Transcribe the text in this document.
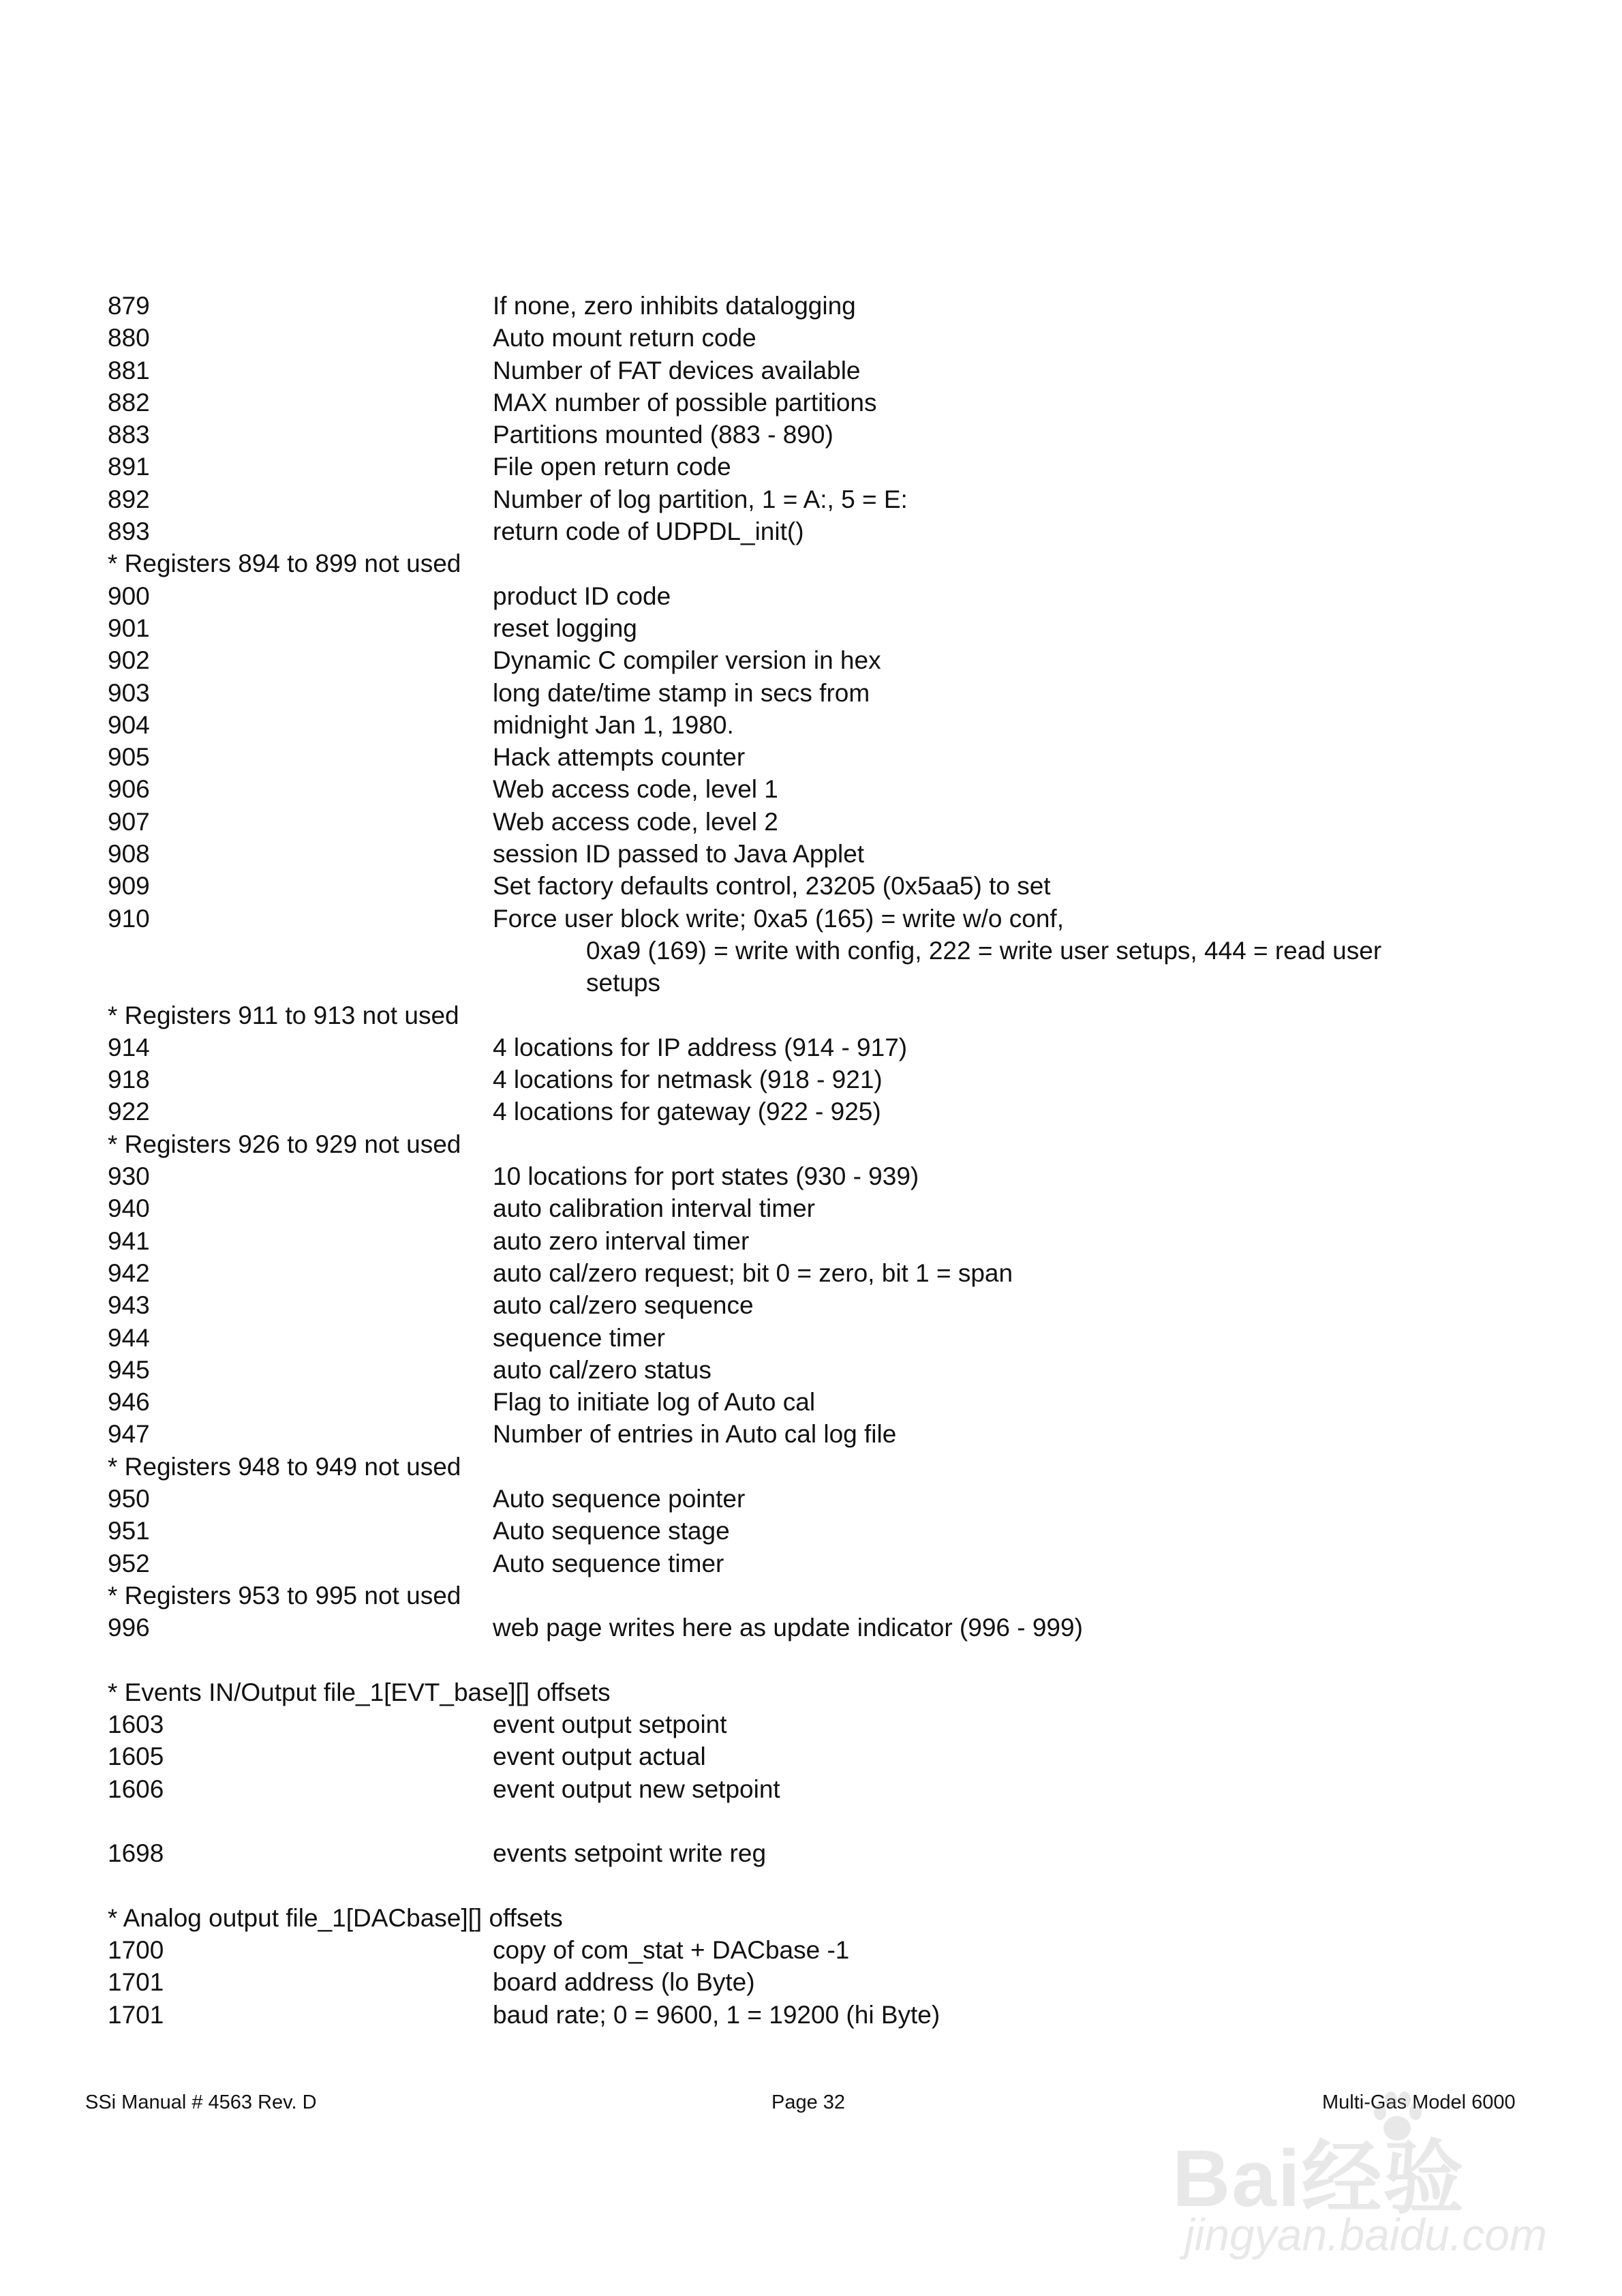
879	If none, zero inhibits datalogging
880	Auto mount return code
881	Number of FAT devices available
882	MAX number of possible partitions
883	Partitions mounted (883 - 890)
891	File open return code
892	Number of log partition, 1 = A:, 5 = E:
893	return code of UDPDL_init()
* Registers 894 to 899 not used
900	product ID code
901	reset logging
902	Dynamic C compiler version in hex
903	long date/time stamp in secs from
904	midnight Jan 1, 1980.
905	Hack attempts counter
906	Web access code, level 1
907	Web access code, level 2
908	session ID passed to Java Applet
909	Set factory defaults control, 23205 (0x5aa5) to set
910	Force user block write; 0xa5 (165) = write w/o conf,
0xa9 (169) = write with config, 222 = write user setups, 444 = read user
setups
* Registers 911 to 913 not used
914	4 locations for IP address (914 - 917)
918	4 locations for netmask (918 - 921)
922	4 locations for gateway (922 - 925)
* Registers 926 to 929 not used
930	10 locations for port states (930 - 939)
940	auto calibration interval timer
941	auto zero interval timer
942	auto cal/zero request; bit 0 = zero, bit 1 = span
943	auto cal/zero sequence
944	sequence timer
945	auto cal/zero status
946	Flag to initiate log of Auto cal
947	Number of entries in Auto cal log file
* Registers 948 to 949 not used
950	Auto sequence pointer
951	Auto sequence stage
952	Auto sequence timer
* Registers 953 to 995 not used
996	web page writes here as update indicator (996 - 999)
* Events IN/Output file_1[EVT_base][] offsets
1603	event output setpoint
1605	event output actual
1606	event output new setpoint
1698	events setpoint write reg
* Analog output file_1[DACbase][] offsets
1700	copy of com_stat + DACbase -1
1701	board address (lo Byte)
1701	baud rate; 0 = 9600, 1 = 19200 (hi Byte)
SSi Manual # 4563 Rev. D	Page 32	Multi-Gas Model 6000
Bai经验
jingyan.baidu.com
